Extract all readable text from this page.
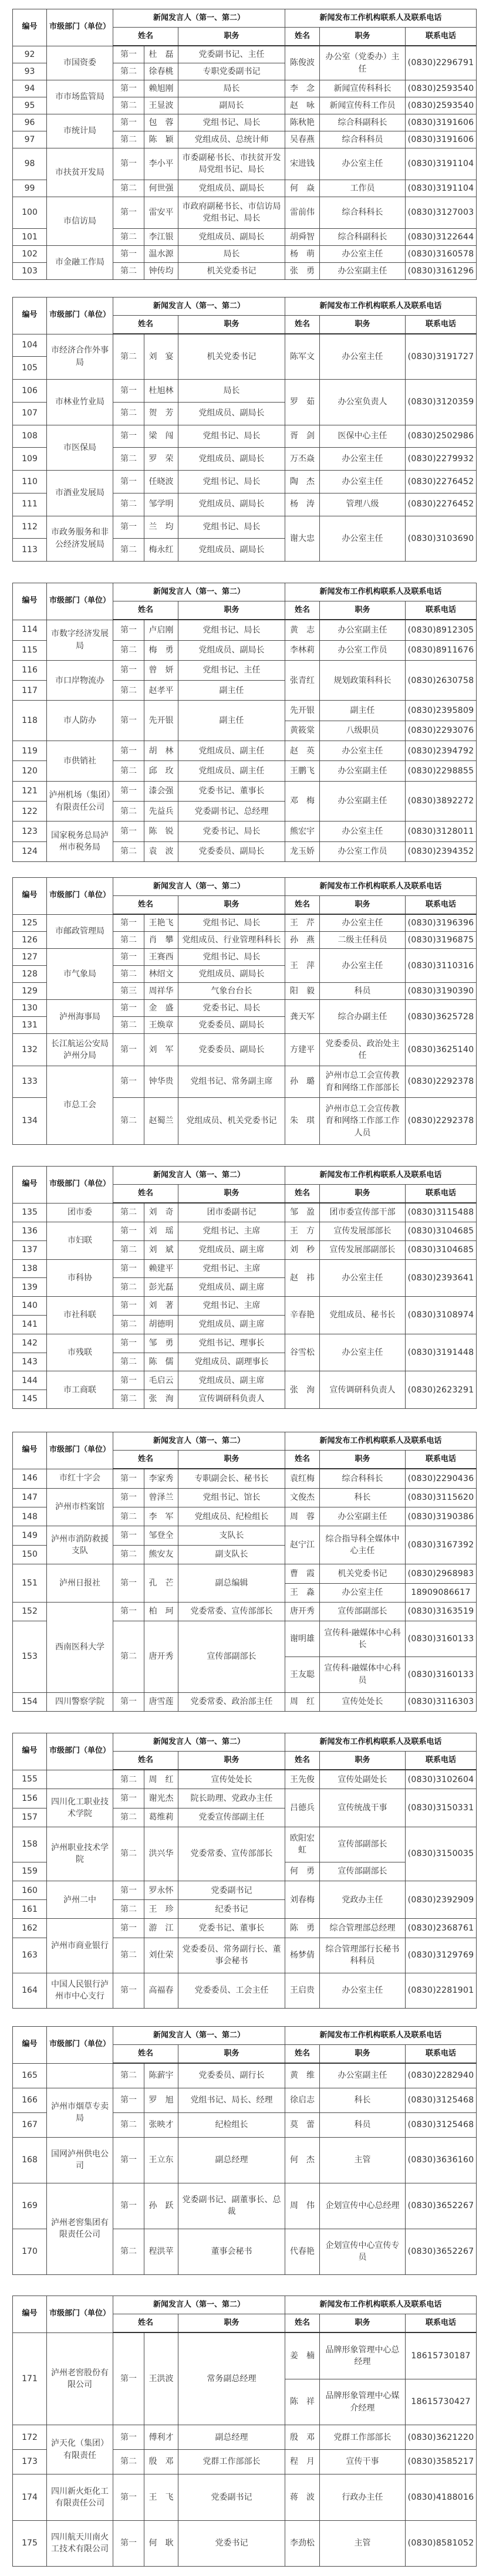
编号	市级部门（单位）	新闻发言人（第一、第二）			新闻发布工作机构联系人及联系电话		
		姓名		职务	姓名	职务	联系电话
92	市国资委	第一	杜　磊	党委副书记、主任	陈俊波	办公室（党委办）主任	(0830)2296791
93		第二	徐春桃	专职党委副书记			
94	市市场监管局	第一	赖旭刚	局长	李　念	新闻宣传科科长	(0830)2593540
95		第二	王显波	副局长	赵　咏	新闻宣传科工作员	(0830)2593540
96	市统计局	第一	包　蓉	党组书记、局长	陈秋艳	综合科副科长	(0830)3191606
97		第二	陈　颖	党组成员、总统计师	吴春燕	综合科科员	(0830)3191606
98	市扶贫开发局	第一	李小平	市委副秘书长、市扶贫开发局党组书记、局长	宋进钱	办公室主任	(0830)3191104
99		第二	何世强	党组成员、副局长	何　焱	工作员	(0830)3191104
100	市信访局	第一	雷安平	市政府副秘书长、市信访局党组书记、局长	雷前伟	综合科科长	(0830)3127003
101		第二	李江银	党组成员、副局长	胡舜智	综合科副科长	(0830)3122644
102	市金融工作局	第一	温水源	局长	杨　萌	办公室主任	(0830)3160578
103		第二	钟传均	机关党委书记	张　勇	办公室副主任	(0830)3161296
编号	市级部门（单位）	新闻发言人（第一、第二）			新闻发布工作机构联系人及联系电话		
		姓名		职务	姓名	职务	联系电话
104	市经济合作外事局	第二	刘　宴	机关党委书记	陈军文	办公室主任	(0830)3191727
105							
106	市林业竹业局	第一	杜旭林	局长	罗　茹	办公室负责人	(0830)3120359
107		第二	贺　芳	党组成员、副局长			
108	市医保局	第一	梁　闯	党组书记、局长	胥　剑	医保中心主任	(0830)2502986
109		第二	罗　荣	党组成员、副局长	万丕焱	办公室主任	(0830)2279932
110	市酒业发展局	第一	任晓波	党组书记、局长	陶　杰	办公室主任	(0830)2276452
111		第二	邹学明	党组成员、副局长	杨　涛	管理八级	(0830)2276452
112	市政务服务和非公经济发展局	第一	兰　均	党组书记、局长	谢大忠	办公室主任	(0830)3103690
113		第二	梅永红	党组成员、副局长			
编号	市级部门（单位）	新闻发言人（第一、第二）			新闻发布工作机构联系人及联系电话		
		姓名		职务	姓名	职务	联系电话
114	市数字经济发展局	第一	卢启刚	党组书记、局长	黄　志	办公室副主任	(0830)8912305
115		第二	梅　勇	党组成员、副局长	李林莉	办公室工作员	(0830)8911676
116	市口岸物流办	第一	曾　妍	党组书记、主任	张青红	规划政策科科长	(0830)2630758
117		第二	赵孝平	副主任			
118	市人防办	第一	先开银	副主任	先开银	副主任	(0830)2395809
					黄筱棠	八级职员	(0830)2293076
119	市供销社	第一	胡　林	党组成员、副主任	赵　英	办公室主任	(0830)2394792
120		第二	邱　玫	党组成员、副主任	王鹏飞	办公室副主任	(0830)2298855
121	泸州机场（集团）有限责任公司	第一	漆会强	党委书记、董事长	邓　梅	办公室副主任	(0830)3892272
122		第二	先益兵	党委副书记、总经理			
123	国家税务总局泸州市税务局	第一	陈　锐	党委书记、局长	熊宏宇	办公室主任	(0830)3128011
124		第二	袁　波	党委委员、副局长	龙玉娇	办公室工作员	(0830)2394352
编号	市级部门（单位）	新闻发言人（第一、第二）			新闻发布工作机构联系人及联系电话		
		姓名		职务	姓名	职务	联系电话
125	市邮政管理局	第一	王艳飞	党组书记、局长	王　芹	办公室主任	(0830)3196396
126		第二	肖　攀	党组成员、行业管理科科长	孙　燕	二级主任科员	(0830)3196875
127	市气象局	第一	王赛西	党组书记、局长	王　萍	办公室主任	(0830)3110316
128		第二	林绍文	党组成员、副局长			
129		第三	周祥华	气象台台长	阳　毅	科员	(0830)3190390
130	泸州海事局	第一	金　盛	党委书记、局长	龚天军	综合办副主任	(0830)3625728
131		第二	王焕章	党委委员、副局长			
132	长江航运公安局泸州分局	第一	刘　军	党委委员、副局长	方建平	党委委员、政治处主任	(0830)3625140
133	市总工会	第一	钟华贵	党组书记、常务副主席	孙　璐	泸州市总工会宣传教育和网络工作部部长	(0830)2292378
134		第二	赵蜀兰	党组成员、机关党委书记	朱　琪	泸州市总工会宣传教育和网络工作部工作人员	(0830)2292378
编号	市级部门（单位）	新闻发言人（第一、第二）			新闻发布工作机构联系人及联系电话		
		姓名		职务	姓名	职务	联系电话
135	团市委	第二	刘　奇	团市委副书记	邹　盈	团市委宣传部干部	(0830)3115488
136	市妇联	第一	刘　瑶	党组书记、主席	王　方	宣传发展部部长	(0830)3104685
137		第二	刘　斌	党组成员、副主席	刘　秒	宣传发展部副部长	(0830)3104685
138	市科协	第一	赖建平	党组书记、主席	赵　祎	办公室主任	(0830)2393641
139		第二	彭光磊	党组成员、副主席			
140	市社科联	第一	刘　著	党组书记、主席	辛春艳	党组成员、秘书长	(0830)3108974
141		第二	胡德明	党组成员、副主席			
142	市残联	第一	邹　勇	党组书记、理事长	谷雪松	办公室主任	(0830)3191448
143		第二	陈　儒	党组成员、副理事长			
144	市工商联	第一	毛启云	党组成员、副主席	张　洵	宣传调研科负责人	(0830)2623291
145		第二	张　洵	宣传调研科负责人			
编号	市级部门（单位）	新闻发言人（第一、第二）			新闻发布工作机构联系人及联系电话		
		姓名		职务	姓名	职务	联系电话
146	市红十字会	第一	李家秀	专职副会长、秘书长	袁红梅	综合科科长	(0830)2290436
147	泸州市档案馆	第一	曾泽兰	党组书记、馆长	文俊杰	科长	(0830)3115620
148		第二	李　军	党组成员、纪检组长	周　蓉	办公室副主任	(0830)3190386
149	泸州市消防救援支队	第一	邹登全	支队长	赵宁江	综合指导科全媒体中心主任	(0830)3167392
150		第二	熊安友	副支队长			
151	泸州日报社	第一	孔　芒	副总编辑	曹　霞	机关党委书记	(0830)2968983
					王　淼	办公室主任	18909086617
152	西南医科大学	第一	柏　珂	党委常委、宣传部部长	唐开秀	宣传部副部长	(0830)3163519
153		第二	唐开秀	宣传部副部长	谢明雄	宣传科·融媒体中心科长	(0830)3160133
					王友聪	宣传科·融媒体中心科员	(0830)3160133
154	四川警察学院	第一	唐雪莲	党委常委、政治部主任	周　红	宣传处处长	(0830)3116303
编号	市级部门（单位）	新闻发言人（第一、第二）			新闻发布工作机构联系人及联系电话		
		姓名		职务	姓名	职务	联系电话
155		第二	周　红	宣传处处长	王先俊	宣传处副处长	(0830)3102604
156	四川化工职业技术学院	第一	谢光杰	院长助理、党政办主任	吕德兵	宣传统战干事	(0830)3150331
157		第二	葛维莉	党委宣传部副主任			
158	泸州职业技术学院	第二	洪兴华	党委常委、宣传部部长	欧阳宏虹	宣传部副部长	(0830)3150035
159					何　勇	宣传部副部长	
160	泸州二中	第一	罗永怀	党委副书记	刘春梅	党政办主任	(0830)2392909
161		第二	王　珍	纪委书记			
162	泸州市商业银行	第一	游　江	党委书记、董事长	陈　勇	综合管理部总经理	(0830)2368761
163		第二	刘仕荣	党委委员、常务副行长、董事会秘书	杨梦倩	综合管理部行长秘书科科员	(0830)3129769
164	中国人民银行泸州市中心支行	第一	高福春	党委委员、工会主任	王启贵	办公室主任	(0830)2281901
编号	市级部门（单位）	新闻发言人（第一、第二）			新闻发布工作机构联系人及联系电话		
		姓名		职务	姓名	职务	联系电话
165		第二	陈薪宇	党委委员、副行长	黄　维	办公室副主任	(0830)2282940
166	泸州市烟草专卖局	第一	罗　旭	党组书记、局长、经理	徐启志	科长	(0830)3125468
167		第二	张映才	纪检组长	莫　蕾	科员	(0830)3125468
168	国网泸州供电公司	第一	王立东	副总经理	何　杰	主管	(0830)3636160
169	泸州老窖集团有限责任公司	第一	孙　跃	党委副书记、副董事长、总裁	周　伟	企划宣传中心总经理	(0830)3652267
170		第二	程洪苹	董事会秘书	代春艳	企划宣传中心宣传专员	(0830)3652267
编号	市级部门（单位）	新闻发言人（第一、第二）			新闻发布工作机构联系人及联系电话		
		姓名		职务	姓名	职务	联系电话
171	泸州老窖股份有限公司	第一	王洪波	常务副总经理	姜　楠	品牌形象管理中心总经理	18615730187
					陈　祥	品牌形象管理中心媒介经理	18615730427
172	泸天化（集团）有限责任	第一	傅利才	副总经理	殷　邓	党群工作部部长	(0830)3621220
173		第二	殷　邓	党群工作部部长	程　月	宣传干事	(0830)3585217
174	四川新火炬化工有限责任公司	第一	王　飞	党委副书记	蒋　波	行政办主任	(0830)4188016
175	四川航天川南火工技术有限公司	第一	何　耿	党委书记	李劲松	主管	(0830)8581052
